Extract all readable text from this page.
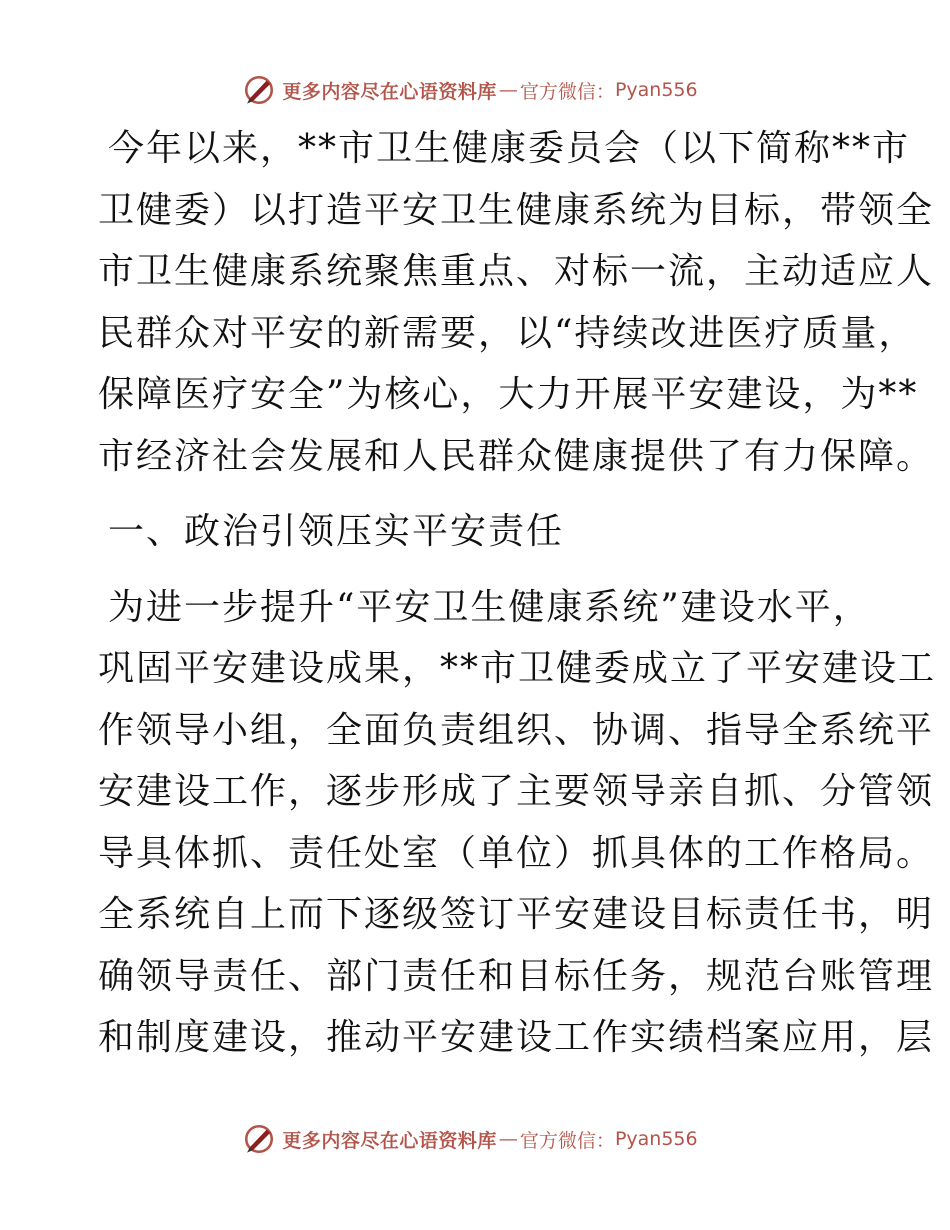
更多内容尽在心语资料库 — 官方微信： Pyan556
今年以来，**市卫生健康委员会（以下简称**市
卫健委）以打造平安卫生健康系统为目标，带领全
市卫生健康系统聚焦重点、对标一流，主动适应人
民群众对平安的新需要，以“持续改进医疗质量，
保障医疗安全”为核心，大力开展平安建设，为**
市经济社会发展和人民群众健康提供了有力保障。
一、政治引领压实平安责任
为进一步提升“平安卫生健康系统”建设水平，
巩固平安建设成果，**市卫健委成立了平安建设工
作领导小组，全面负责组织、协调、指导全系统平
安建设工作，逐步形成了主要领导亲自抓、分管领
导具体抓、责任处室（单位）抓具体的工作格局。
全系统自上而下逐级签订平安建设目标责任书，明
确领导责任、部门责任和目标任务，规范台账管理
和制度建设，推动平安建设工作实绩档案应用，层
更多内容尽在心语资料库 — 官方微信： Pyan556
